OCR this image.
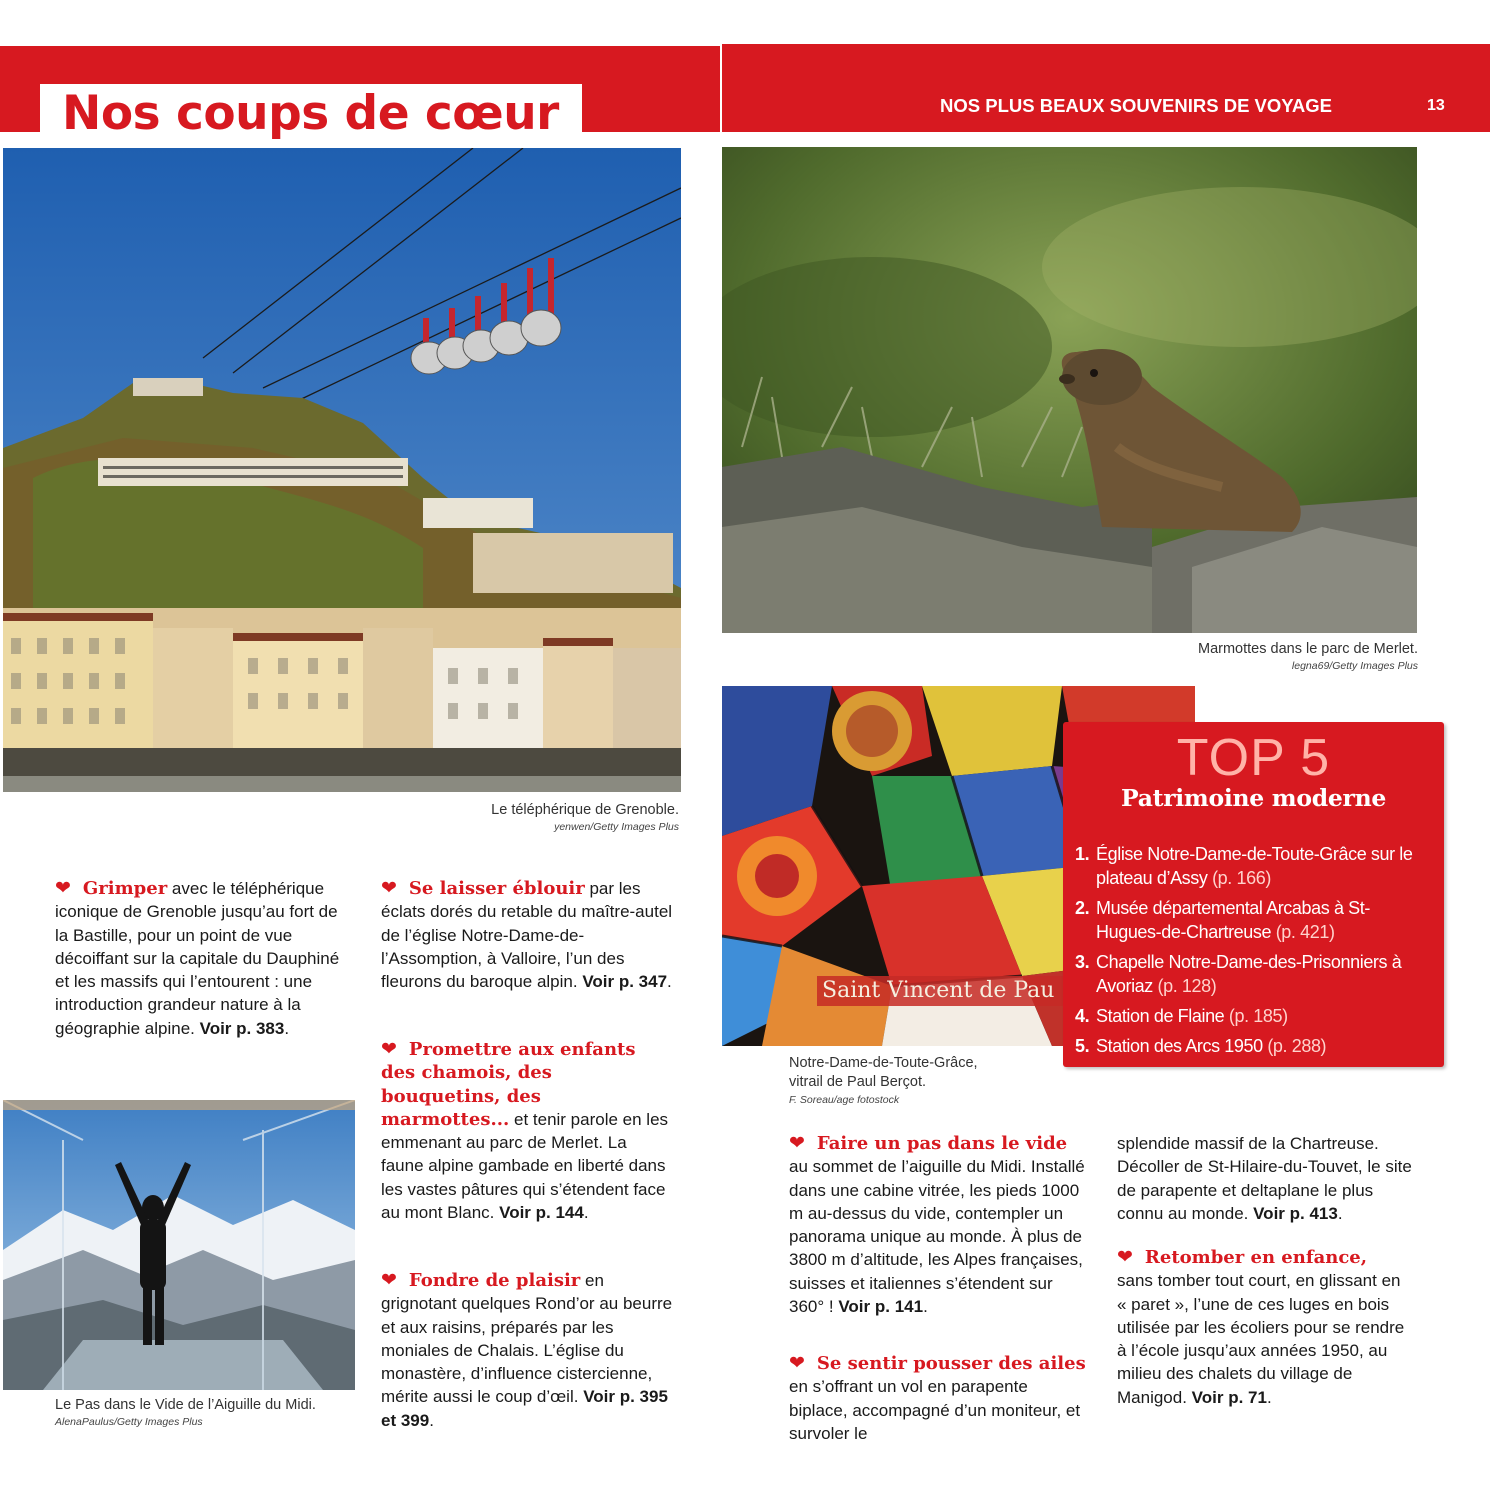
Nos coups de cœur	NOS PLUS BEAUX SOUVENIRS DE VOYAGE	13
Le téléphérique de Grenoble.
yenwen/Getty Images Plus
Marmottes dans le parc de Merlet.
legna69/Getty Images Plus
Saint Vincent de Pau
Notre-Dame-de-Toute-Grâce,
vitrail de Paul Berçot.
F. Soreau/age fotostock
TOP 5
Patrimoine moderne
1. Église Notre-Dame-de-Toute-Grâce sur le plateau d’Assy (p. 166)
2. Musée départemental Arcabas à St-Hugues-de-Chartreuse (p. 421)
3. Chapelle Notre-Dame-des-Prisonniers à Avoriaz (p. 128)
4. Station de Flaine (p. 185)
5. Station des Arcs 1950 (p. 288)
Le Pas dans le Vide de l’Aiguille du Midi.
AlenaPaulus/Getty Images Plus
❤ Grimper avec le téléphérique iconique de Grenoble jusqu’au fort de la Bastille, pour un point de vue décoiffant sur la capitale du Dauphiné et les massifs qui l’entourent : une introduction grandeur nature à la géographie alpine. Voir p. 383.
❤ Se laisser éblouir par les éclats dorés du retable du maître-autel de l’église Notre-Dame-de-l’Assomption, à Valloire, l’un des fleurons du baroque alpin. Voir p. 347.
❤ Promettre aux enfants des chamois, des bouquetins, des marmottes... et tenir parole en les emmenant au parc de Merlet. La faune alpine gambade en liberté dans les vastes pâtures qui s’étendent face au mont Blanc. Voir p. 144.
❤ Fondre de plaisir en grignotant quelques Rond’or au beurre et aux raisins, préparés par les moniales de Chalais. L’église du monastère, d’influence cistercienne, mérite aussi le coup d’œil. Voir p. 395 et 399.
❤ Faire un pas dans le vide au sommet de l’aiguille du Midi. Installé dans une cabine vitrée, les pieds 1000 m au-dessus du vide, contempler un panorama unique au monde. À plus de 3800 m d’altitude, les Alpes françaises, suisses et italiennes s’étendent sur 360° ! Voir p. 141.
❤ Se sentir pousser des ailes en s’offrant un vol en parapente biplace, accompagné d’un moniteur, et survoler le
splendide massif de la Chartreuse. Décoller de St-Hilaire-du-Touvet, le site de parapente et deltaplane le plus connu au monde. Voir p. 413.
❤ Retomber en enfance, sans tomber tout court, en glissant en « paret », l’une de ces luges en bois utilisée par les écoliers pour se rendre à l’école jusqu’aux années 1950, au milieu des chalets du village de Manigod. Voir p. 71.
